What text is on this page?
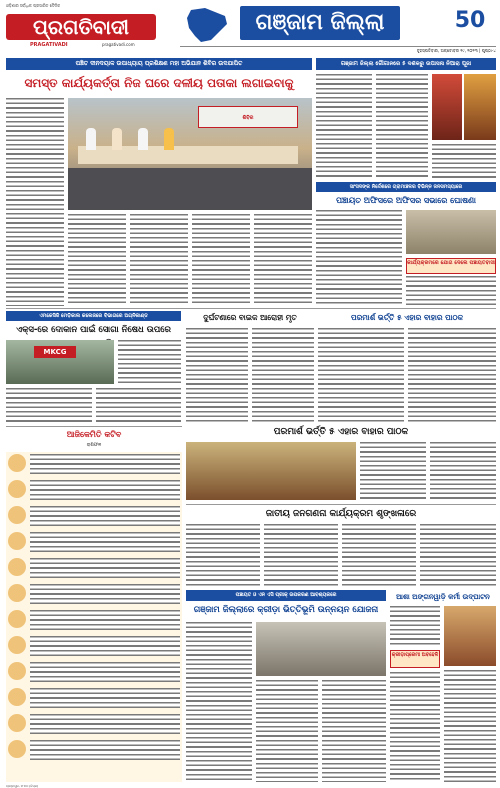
ଓଡ଼ିଶାର ସର୍ବାଧିକ ପ୍ରସାରିତ ଦୈନିକ
ପ୍ରଗତିବାଦୀ
PRAGATIVADI	pragativadi.com
ଗଞ୍ଜାମ ଜିଲ୍ଲା	50
ବୃହସ୍ପତିବାର, ଅକ୍ଟୋବର ୧୯, ୨୦୨୩ | ପୃଷ୍ଠା-୪
ପଞ୍ଚିତ ଦୀନଦୟାଳ ଉପାଧ୍ୟାୟ ପ୍ରଶିକ୍ଷଣ ମହା ଅଭିଯାନ ଶିବିର ଉଦଯାପିତ
ସମସ୍ତ କାର୍ଯ୍ୟକର୍ତ୍ତା ନିଜ ଘରେ ଦଳୀୟ ପତାକା ଲଗାଇବାକୁ
ଶିବିର
ଗଞ୍ଜାମ ଜିଲ୍ଲା ଗୌଗାନରେ ୫ ଦଶକରୁ ଉପାସନା ନିଆରା ପୂଜା
ସାଂସଦଙ୍କ ନିର୍ଦ୍ଦେଶରେ ଗ୍ରାମାଞ୍ଚଳର ବିଭିନ୍ନ ଜନସମସ୍ୟାରେ
ପଞ୍ଚାୟତ ଅଫିସରେ ଅଫିସର ସଭାରେ ଘୋଷଣା
କାର୍ଯ୍ୟକ୍ରମରେ ଯୋଗ ଦେଲେ ପଞ୍ଚାୟତବାସୀ
ଏମକେସିଜି ମେଡ଼ିକାଲ କଲେଜରେ ବିଭାଗରେ ଅଗ୍ନିକାଣ୍ଡ
ଏକ୍ସ-ରେ ଦୋକାନ ପାଇଁ ସୋଗା ନିଷେଧ ଉପରେ
MKCG
ଦୁର୍ଘଟଣାରେ ବାଇକ ଆରୋହୀ ମୃତ	ପରମାର୍ଶ ଭର୍ତ୍ତି ୫ ଏହାର ବାହାର ପାଠକ
ପରମାର୍ଶ ଭର୍ତ୍ତି ୫ ଏହାର ବାହାର ପାଠକ
ଆଜିକେମିତି କଟିବ
ରାଶିଫଳ
ପଞ୍ଚାୟତ ଓ ଏନ ଏସି ପ୍ରୀକ୍ ଉପକରଣ ଆବଶ୍ୟକରେ
ଗଞ୍ଜାମ ଜିଲ୍ଲାରେ କ୍ରୀଡ଼ା ଭିତ୍ତିଭୂମି ଉନ୍ନୟନ ଯୋଜନା
ଆଶା ଅଙ୍ଗନୱାଡ଼ି କର୍ମୀ ଉଦ୍‌ଘାଟନ
କ୍ରୀଡ଼ାପ୍ରେମୀ ଅବହେଳି
ଜାତୀୟ ଜନଗଣନା କାର୍ଯ୍ୟକ୍ରମ ଶୃଙ୍ଖଳାରେ
ବ୍ରହ୍ମପୁର, ୧୮ା୧୦ (ନିପ୍ର)
